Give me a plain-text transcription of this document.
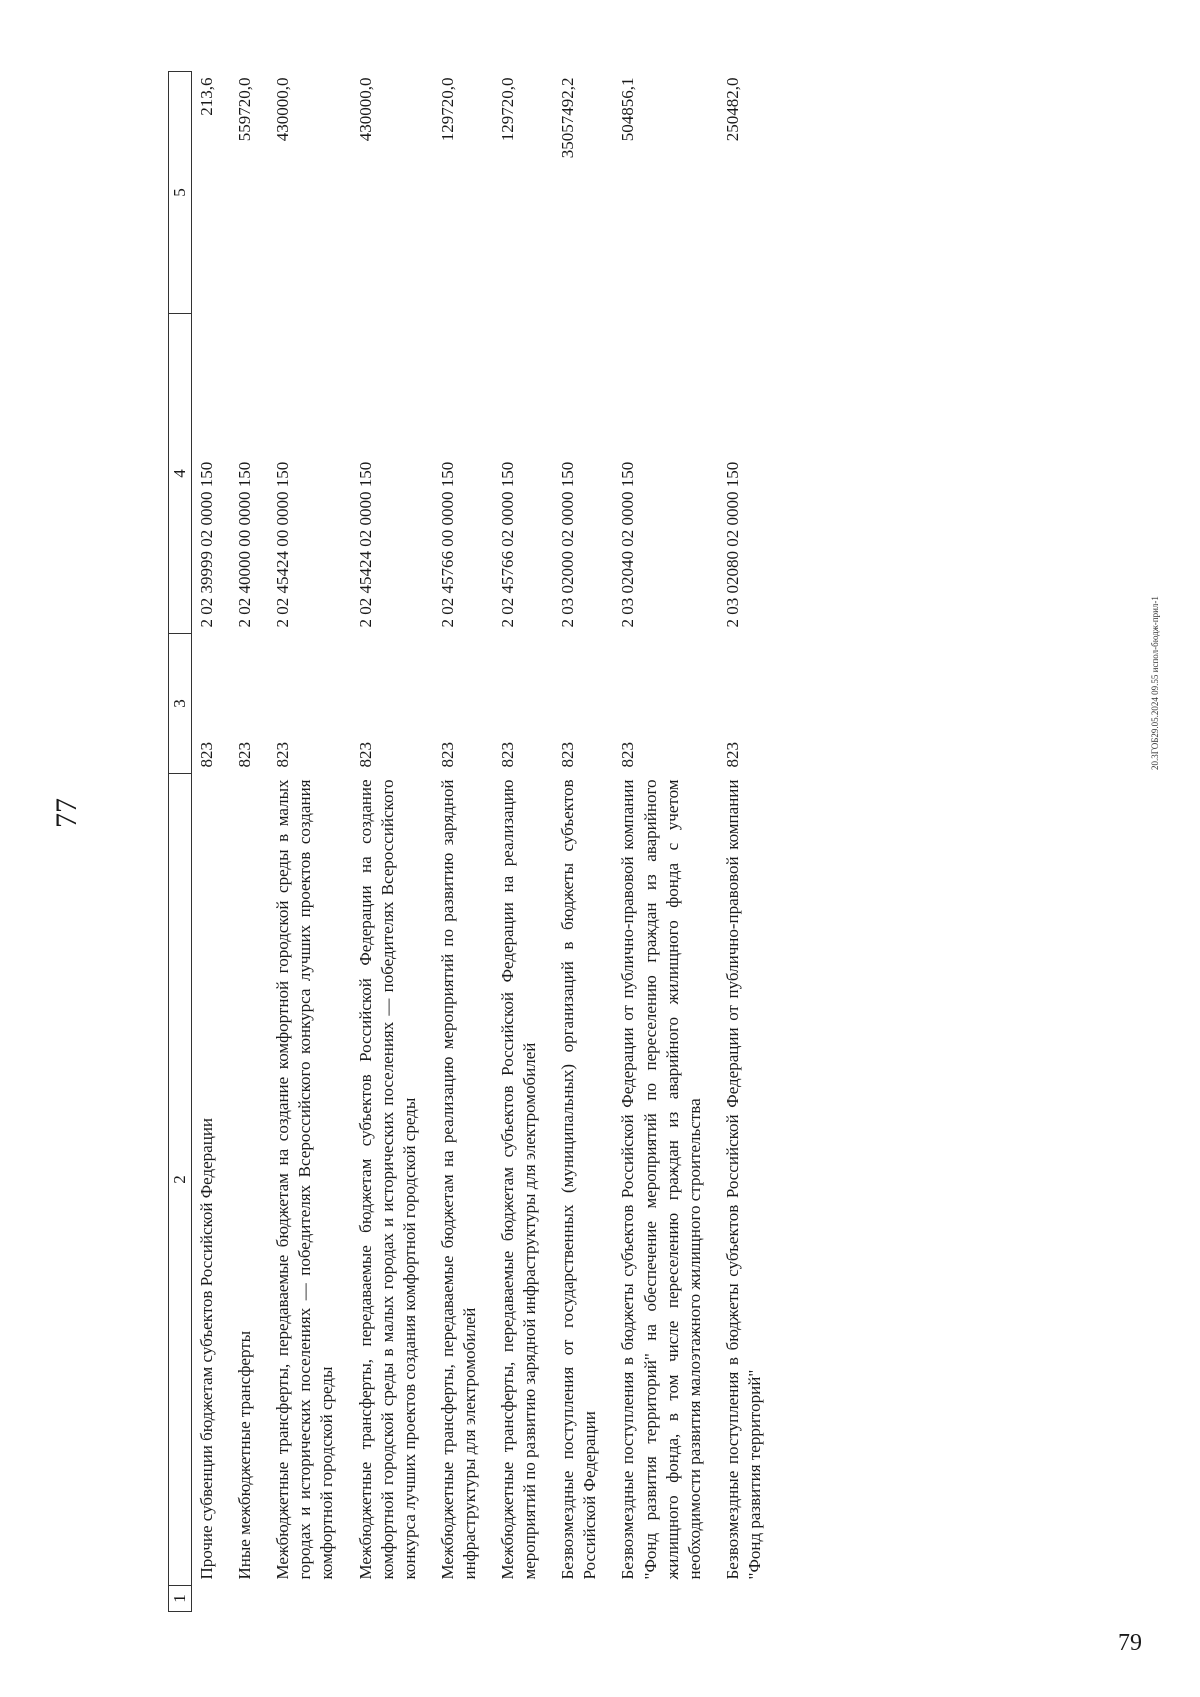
77
1	2	3	4	5
	Прочие субвенции бюджетам субъектов Российской Федерации	823	2 02 39999 02 0000 150	213,6
	Иные межбюджетные трансферты	823	2 02 40000 00 0000 150	559720,0
	Межбюджетные трансферты, передаваемые бюджетам на создание комфортной городской среды в малых городах и исторических поселениях — победителях Всероссийского конкурса лучших проектов создания комфортной городской среды	823	2 02 45424 00 0000 150	430000,0
	Межбюджетные трансферты, передаваемые бюджетам субъектов Российской Федерации на создание комфортной городской среды в малых городах и исторических поселениях — победителях Всероссийского конкурса лучших проектов создания комфортной городской среды	823	2 02 45424 02 0000 150	430000,0
	Межбюджетные трансферты, передаваемые бюджетам на реализацию мероприятий по развитию зарядной инфраструктуры для электромобилей	823	2 02 45766 00 0000 150	129720,0
	Межбюджетные трансферты, передаваемые бюджетам субъектов Российской Федерации на реализацию мероприятий по развитию зарядной инфраструктуры для электромобилей	823	2 02 45766 02 0000 150	129720,0
	Безвозмездные поступления от государственных (муниципальных) организаций в бюджеты субъектов Российской Федерации	823	2 03 02000 02 0000 150	35057492,2
	Безвозмездные поступления в бюджеты субъектов Российской Федерации от публично-правовой компании "Фонд развития территорий" на обеспечение мероприятий по переселению граждан из аварийного жилищного фонда, в том числе переселению граждан из аварийного жилищного фонда с учетом необходимости развития малоэтажного жилищного строительства	823	2 03 02040 02 0000 150	504856,1
	Безвозмездные поступления в бюджеты субъектов Российской Федерации от публично-правовой компании "Фонд развития территорий"	823	2 03 02080 02 0000 150	250482,0
20.3ГОБ29.05.2024 09.55 испол-бюдж-прил-1
79
